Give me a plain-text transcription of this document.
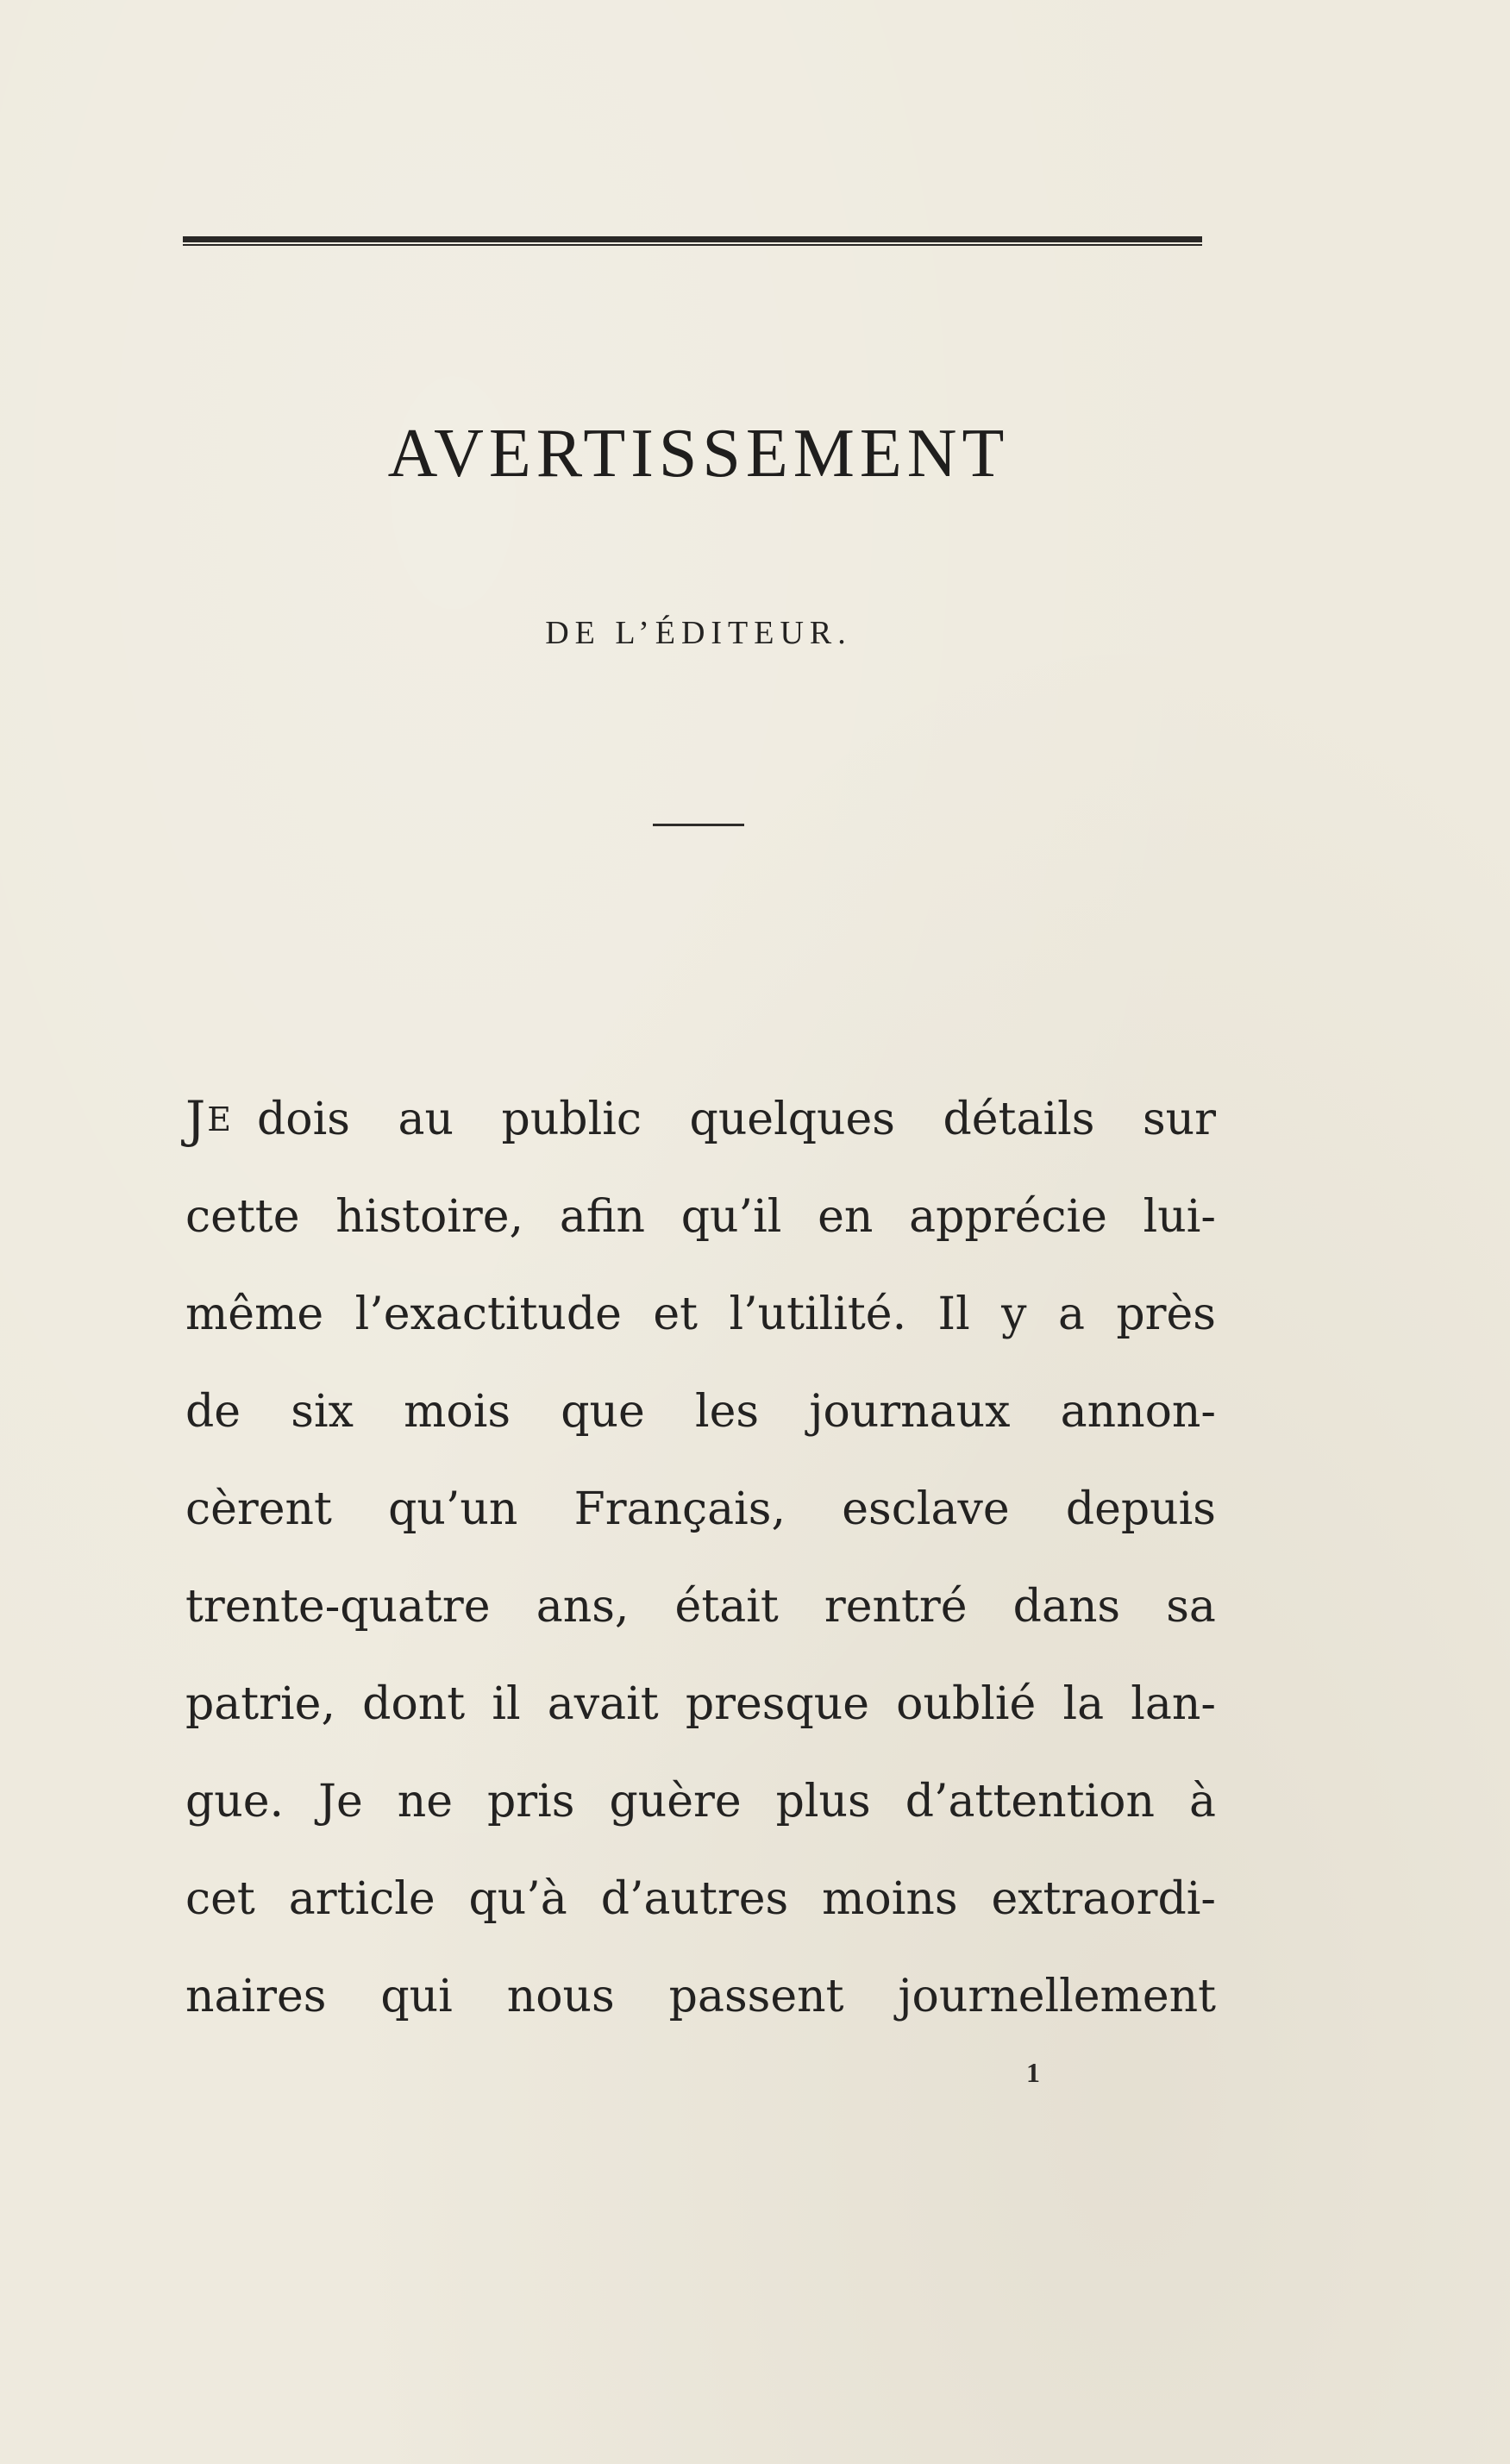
AVERTISSEMENT
DE L’ÉDITEUR.
J E dois au public quelques détails sur
cette histoire, afin qu’il en apprécie lui-
même l’exactitude et l’utilité. Il y a près
de six mois que les journaux annon-
cèrent qu’un Français, esclave depuis
trente-quatre ans, était rentré dans sa
patrie, dont il avait presque oublié la lan-
gue. Je ne pris guère plus d’attention à
cet article qu’à d’autres moins extraordi-
naires qui nous passent journellement
1
